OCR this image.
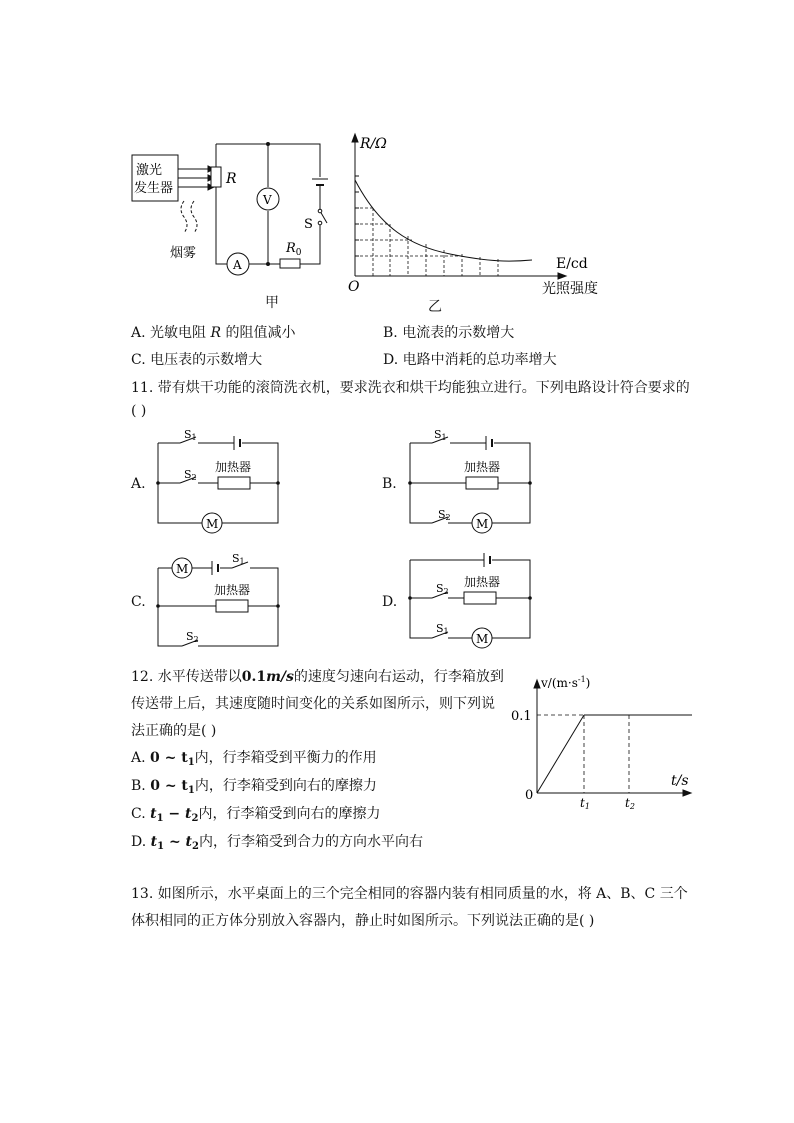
激光
发生器
烟雾
S
R
V
A
$R_0$
甲
R/Ω
E/cd
O	光照强度
乙
A. 光敏电阻 R 的阻值减小	B. 电流表的示数增大
C. 电压表的示数增大	D. 电路中消耗的总功率增大
11. 带有烘干功能的滚筒洗衣机，要求洗衣和烘干均能独立进行。下列电路设计符合要求的
( )
A.
M
加热器
S1
S2	B.
M
加热器
S1
S2
C.
M
加热器
S1
S2
D.
加热器
M
S2
S1
12. 水平传送带以0.1m/s的速度匀速向右运动，行李箱放到
传送带上后，其速度随时间变化的关系如图所示，则下列说
法正确的是( )
A. 0 ~ $t_1$内，行李箱受到平衡力的作用
B. 0 ~ $t_1$内，行李箱受到向右的摩擦力
C. $t_1 - t_2$内，行李箱受到向右的摩擦力
D. $t_1$ ~ $t_2$内，行李箱受到合力的方向水平向右
$v/(m\cdot s^{-1})$
0.1
0
t/s
t1	t2
13. 如图所示，水平桌面上的三个完全相同的容器内装有相同质量的水，将 A、B、C 三个
体积相同的正方体分别放入容器内，静止时如图所示。下列说法正确的是( )
